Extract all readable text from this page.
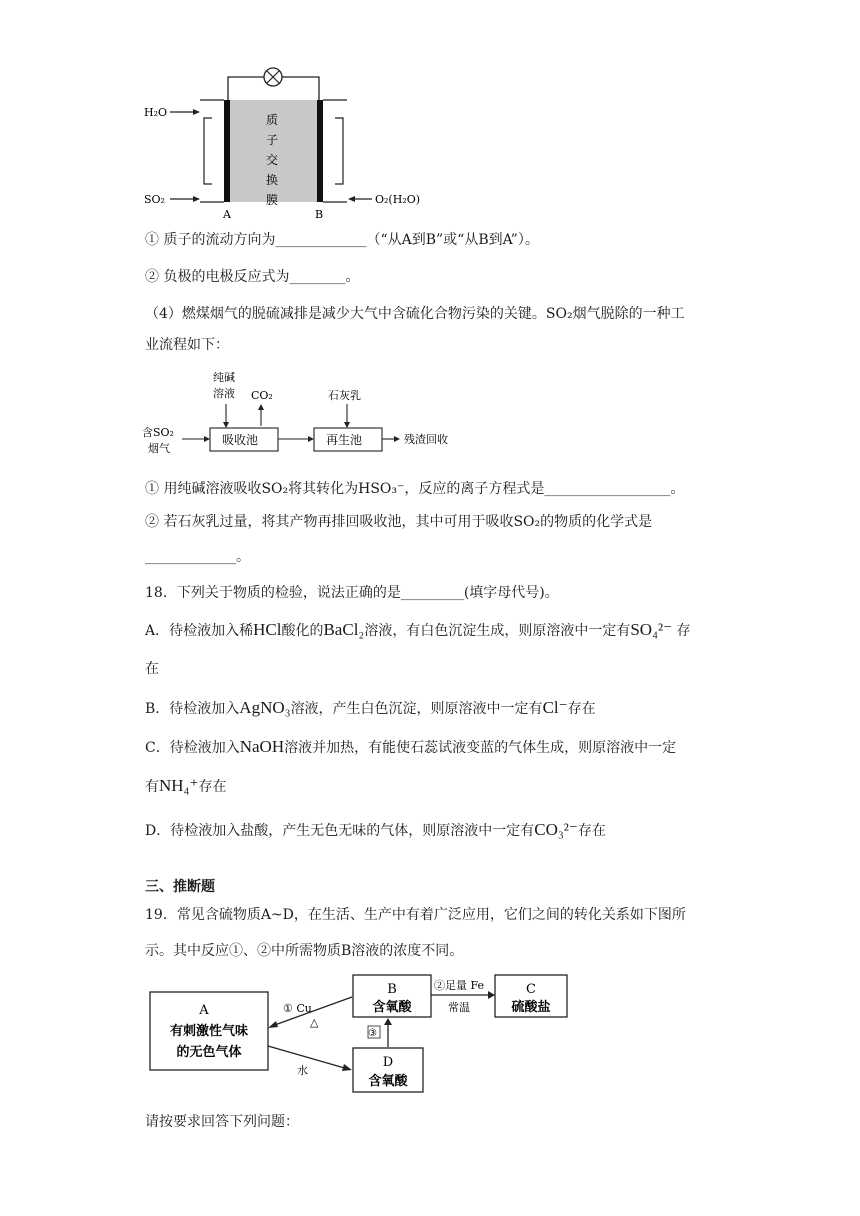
H₂O
SO₂	O₂(H₂O)
A	B
质
子
交
换
膜
① 质子的流动方向为_____________（“从A到B”或“从B到A”）。
② 负极的电极反应式为________。
（4）燃煤烟气的脱硫减排是减少大气中含硫化合物污染的关键。SO₂烟气脱除的一种工
业流程如下：
纯碱
溶液 CO₂	石灰乳
含SO₂
烟气
吸收池	再生池	残渣回收
① 用纯碱溶液吸收SO₂将其转化为HSO₃⁻，反应的离子方程式是__________________。
② 若石灰乳过量，将其产物再排回吸收池，其中可用于吸收SO₂的物质的化学式是
_____________。
18．下列关于物质的检验，说法正确的是_________(填字母代号)。
A．待检液加入稀HCl酸化的BaCl₂溶液，有白色沉淀生成，则原溶液中一定有SO₄²⁻ 存
在
B．待检液加入AgNO₃溶液，产生白色沉淀，则原溶液中一定有Cl⁻存在
C．待检液加入NaOH溶液并加热，有能使石蕊试液变蓝的气体生成，则原溶液中一定
有NH₄⁺存在
D．待检液加入盐酸，产生无色无味的气体，则原溶液中一定有CO₃²⁻存在
三、推断题
19．常见含硫物质A~D，在生活、生产中有着广泛应用，它们之间的转化关系如下图所
示。其中反应①、②中所需物质B溶液的浓度不同。
A
有刺激性气味
的无色气体
B
含氧酸
C
硫酸盐
D
含氧酸
① Cu
△
②足量 Fe
常温
③
水
请按要求回答下列问题：
